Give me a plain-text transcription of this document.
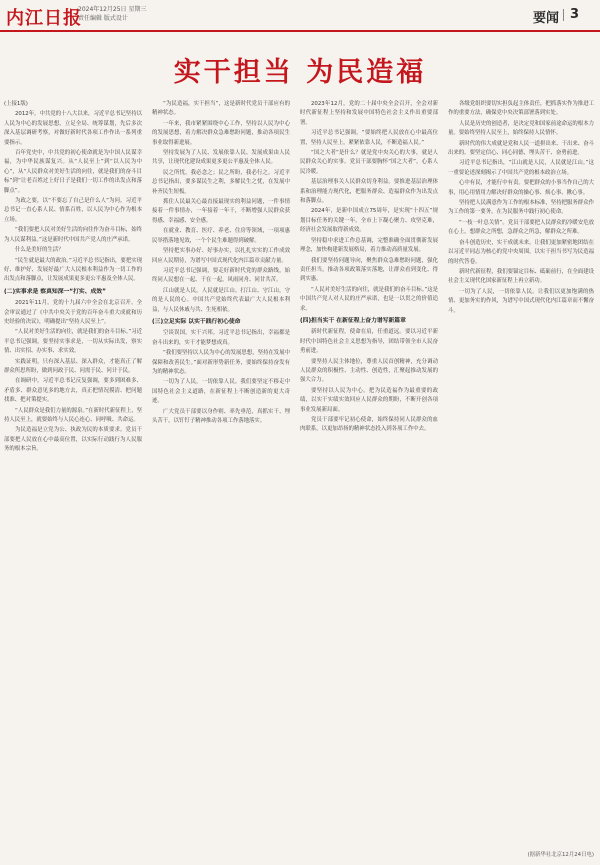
内江日报
2024年12月25日 星期三
责任编辑 版式设计	要闻 3
实干担当 为民造福

(上接1版)

2012年，中共党的十八大以来，习近平总书记坚持以人民为中心的发展思想，立足全局、统筹谋划，先后多次深入基层调研考察，对做好新时代各项工作作出一系列重要指示。

百年党史中，中共党的初心使命就是为中国人民谋幸福，为中华民族谋复兴。从“人民至上”到“以人民为中心”，从“人民群众对美好生活的向往，就是我们的奋斗目标”到“让老百姓过上好日子是我们一切工作的出发点和落脚点”。

为政之要，以“不要忘了自己是什么人”为问。习近平总书记一直心系人民、情系百姓，以人民为中心作为根本立场。

“我们要把人民对美好生活的向往作为奋斗目标，始终为人民谋利益。”这是新时代中国共产党人的庄严承诺。

什么是美好的生活？

“民生就是最大的政治。”习近平总书记指出，要把实现好、维护好、发展好最广大人民根本利益作为一切工作的出发点和落脚点，让发展成果更多更公平惠及全体人民。

(二)实事求是 察真知深一“打实、成效”

2021年11月，党的十九届六中全会在北京召开。全会审议通过了《中共中央关于党的百年奋斗重大成就和历史经验的决议》，明确提出“坚持人民至上”。

“人民对美好生活的向往，就是我们的奋斗目标。”习近平总书记强调，要坚持实事求是，一切从实际出发，察实情、出实招、办实事、求实效。

实践证明，只有深入基层、深入群众，才能真正了解群众所思所盼，做到问政于民、问需于民、问计于民。

在调研中，习近平总书记反复强调，要多到困难多、矛盾多、群众意见多的地方去，真正把情况摸清、把问题找准、把对策提实。

“人民群众是我们力量的源泉。”在新时代新征程上，坚持人民至上，就要始终与人民心连心、同呼吸、共命运。

为民造福是立党为公、执政为民的本质要求。党员干部要把人民放在心中最高位置，以实际行动践行为人民服务的根本宗旨。

“为民造福，实干担当”，这是新时代党员干部应有的精神状态。

一年来，我市紧紧围绕中心工作，坚持以人民为中心的发展思想，着力解决群众急难愁盼问题，推动各项民生事业取得新进展。

坚持发展为了人民、发展依靠人民、发展成果由人民共享，让现代化建设成果更多更公平惠及全体人民。

民之所忧，我必念之；民之所盼，我必行之。习近平总书记指出，要多谋民生之利，多解民生之忧，在发展中补齐民生短板。

抓住人民最关心最直接最现实的利益问题，一件事情接着一件事情办，一年接着一年干，不断增强人民群众获得感、幸福感、安全感。

在就业、教育、医疗、养老、住房等领域，一项项惠民举措落地见效，一个个民生难题得到破解。

坚持把实事办好、好事办实，以扎扎实实的工作成效回应人民期待，为谱写中国式现代化内江篇章贡献力量。

习近平总书记强调，要走好新时代党的群众路线，始终同人民想在一起、干在一起，风雨同舟、同甘共苦。

江山就是人民，人民就是江山。打江山、守江山，守的是人民的心。中国共产党始终代表最广大人民根本利益，与人民休戚与共、生死相依。

(三)立足实际 以实干践行初心使命

空谈误国，实干兴邦。习近平总书记指出，幸福都是奋斗出来的，实干才能梦想成真。

“我们要坚持以人民为中心的发展思想，坚持在发展中保障和改善民生。”面对新形势新任务，要始终保持奋发有为的精神状态。

一切为了人民，一切依靠人民。我们要坚定不移走中国特色社会主义道路，在新征程上不断创造新的更大奇迹。

广大党员干部要以身作则、率先垂范，真抓实干、埋头苦干，以钉钉子精神推动各项工作落地落实。

2023年12月，党的二十届中央全会召开，全会对新时代新征程上坚持和发展中国特色社会主义作出重要部署。

习近平总书记强调，“要始终把人民放在心中最高位置，坚持人民至上，紧紧依靠人民，不断造福人民。”

“国之大者”是什么？就是党中央关心的大事，就是人民群众关心的实事。党员干部要胸怀“国之大者”，心系人民冷暖。

基层治理事关人民群众切身利益。要推进基层治理体系和治理能力现代化，把服务群众、造福群众作为出发点和落脚点。

2024年，是新中国成立75周年，是实现“十四五”规划目标任务的关键一年。全市上下凝心聚力、攻坚克难，经济社会发展取得新成效。

坚持稳中求进工作总基调，完整准确全面贯彻新发展理念，加快构建新发展格局，着力推动高质量发展。

我们要坚持问题导向，聚焦群众急难愁盼问题，强化责任担当，推动各项政策落实落地，让群众看到变化、得到实惠。

“人民对美好生活的向往，就是我们的奋斗目标。”这是中国共产党人对人民的庄严承诺，也是一以贯之的价值追求。

(四)担当实干 在新征程上奋力谱写新篇章

新时代新征程，使命在肩，任重道远。要以习近平新时代中国特色社会主义思想为指导，团结带领全市人民奋勇前进。

要坚持人民主体地位，尊重人民首创精神，充分调动人民群众的积极性、主动性、创造性，汇聚起推动发展的强大合力。

要坚持以人民为中心，把为民造福作为最重要的政绩，以实干实绩实效回应人民群众的期盼，不断开创各项事业发展新局面。

党员干部要牢记初心使命，始终保持同人民群众的血肉联系，以更加昂扬的精神状态投入到各项工作中去。

各级党组织要切实担负起主体责任，把抓落实作为推进工作的重要方法，确保党中央决策部署落到实处。

人民是历史的创造者，是决定党和国家前途命运的根本力量。要始终坚持人民至上，始终保持人民情怀。

新时代的伟大成就是党和人民一道拼出来、干出来、奋斗出来的。要坚定信心、同心同德，埋头苦干、奋勇前进。

习近平总书记指出，“江山就是人民，人民就是江山。”这一重要论述深刻揭示了中国共产党的根本政治立场。

心中有民，才能行中有责。要把群众的小事当作自己的大事，用心用情用力解决好群众的操心事、烦心事、揪心事。

坚持把人民满意作为工作的根本标准，坚持把服务群众作为工作的第一要务，在为民服务中践行初心使命。

“一枝一叶总关情”。党员干部要把人民群众的冷暖安危放在心上，想群众之所想，急群众之所急，解群众之所难。

奋斗创造历史，实干成就未来。让我们更加紧密地团结在以习近平同志为核心的党中央周围，以实干担当书写为民造福的时代答卷。

新时代新征程，我们要锚定目标、砥砺前行，在全面建设社会主义现代化国家新征程上再立新功。

一切为了人民，一切依靠人民。让我们以更加饱满的热情、更加务实的作风，为谱写中国式现代化内江篇章而不懈奋斗。

(据新华社北京12月24日电)
